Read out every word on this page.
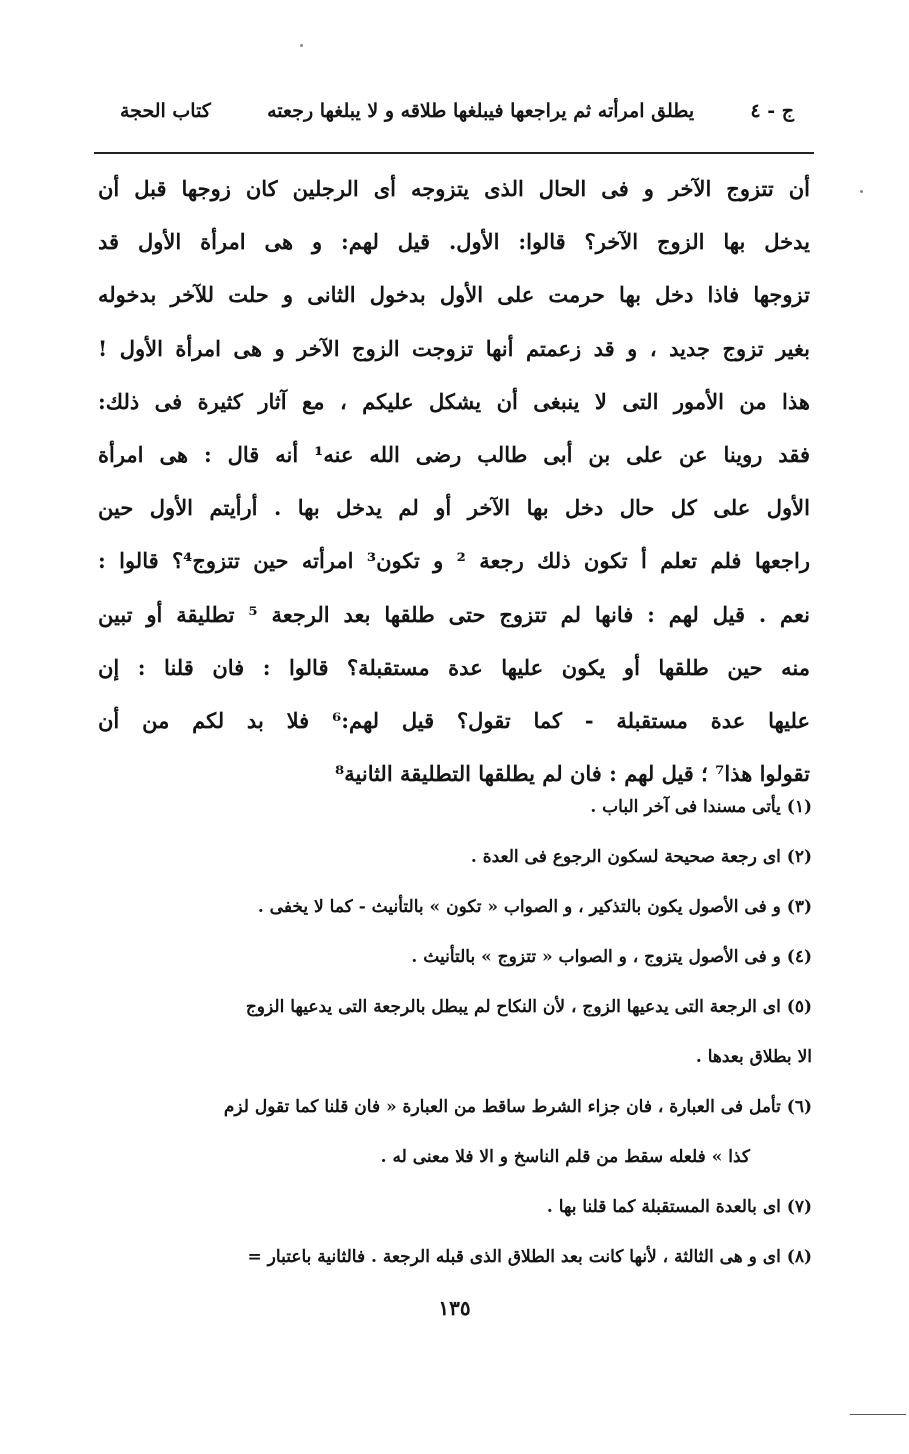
كتاب الحجة	يطلق امرأته ثم يراجعها فيبلغها طلاقه و لا يبلغها رجعته	ج - ٤
أن تتزوج الآخر و فى الحال الذى يتزوجه أى الرجلين كان زوجها قبل أن
يدخل بها الزوج الآخر؟ قالوا: الأول. قيل لهم: و هى امرأة الأول قد
تزوجها فاذا دخل بها حرمت على الأول بدخول الثانى و حلت للآخر بدخوله
بغير تزوج جديد ، و قد زعمتم أنها تزوجت الزوج الآخر و هى امرأة الأول !
هذا من الأمور التى لا ينبغى أن يشكل عليكم ، مع آثار كثيرة فى ذلك:
فقد روينا عن على بن أبى طالب رضى الله عنه¹ أنه قال : هى امرأة
الأول على كل حال دخل بها الآخر أو لم يدخل بها . أرأيتم الأول حين
راجعها فلم تعلم أ تكون ذلك رجعة ² و تكون³ امرأته حين تتزوج⁴؟ قالوا :
نعم . قيل لهم : فانها لم تتزوج حتى طلقها بعد الرجعة ⁵ تطليقة أو تبين
منه حين طلقها أو يكون عليها عدة مستقبلة؟ قالوا : فان قلنا : إن
عليها عدة مستقبلة - كما تقول؟ قيل لهم:⁶ فلا بد لكم من أن
تقولوا هذا⁷ ؛ قيل لهم : فان لم يطلقها التطليقة الثانية⁸
(١) يأتى مسندا فى آخر الباب .
(٢) اى رجعة صحيحة لسكون الرجوع فى العدة .
(٣) و فى الأصول يكون بالتذكير ، و الصواب « تكون » بالتأنيث - كما لا يخفى .
(٤) و فى الأصول يتزوج ، و الصواب « تتزوج » بالتأنيث .
(٥) اى الرجعة التى يدعيها الزوج ، لأن النكاح لم يبطل بالرجعة التى يدعيها الزوج
الا بطلاق بعدها .
(٦) تأمل فى العبارة ، فان جزاء الشرط ساقط من العبارة « فان قلنا كما تقول لزم
كذا » فلعله سقط من قلم الناسخ و الا فلا معنى له .
(٧) اى بالعدة المستقبلة كما قلنا بها .
(٨) اى و هى الثالثة ، لأنها كانت بعد الطلاق الذى قبله الرجعة . فالثانية باعتبار =
١٣٥
